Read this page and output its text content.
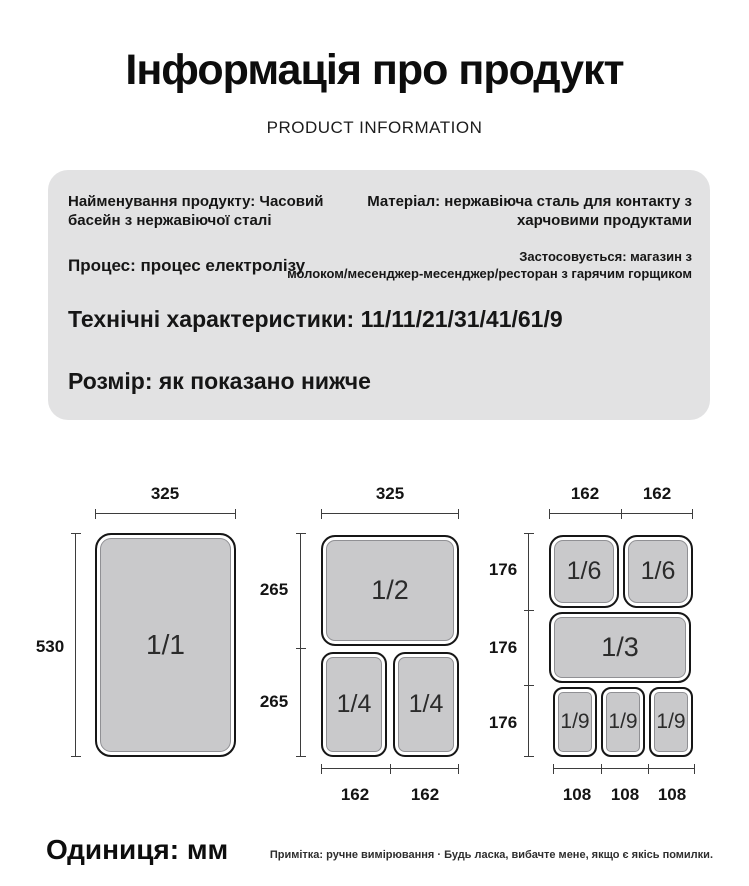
Інформація про продукт
PRODUCT INFORMATION
Найменування продукту: Часовий
басейн з нержавіючої сталі
Матеріал: нержавіюча сталь для контакту з
харчовими продуктами
Процес: процес електролізу	Застосовується: магазин з
молоком/месенджер-месенджер/ресторан з гарячим горщиком
Технічні характеристики: 11/11/21/31/41/61/9
Розмір: як показано нижче
325
530	1/1
325
265
265
1/2
1/4 1/4
162 162
162	162
176
176
176
1/6 1/6
1/3
1/9 1/9 1/9
108 108 108
Одиниця: мм	Примітка: ручне вимірювання · Будь ласка, вибачте мене, якщо є якісь помилки.
